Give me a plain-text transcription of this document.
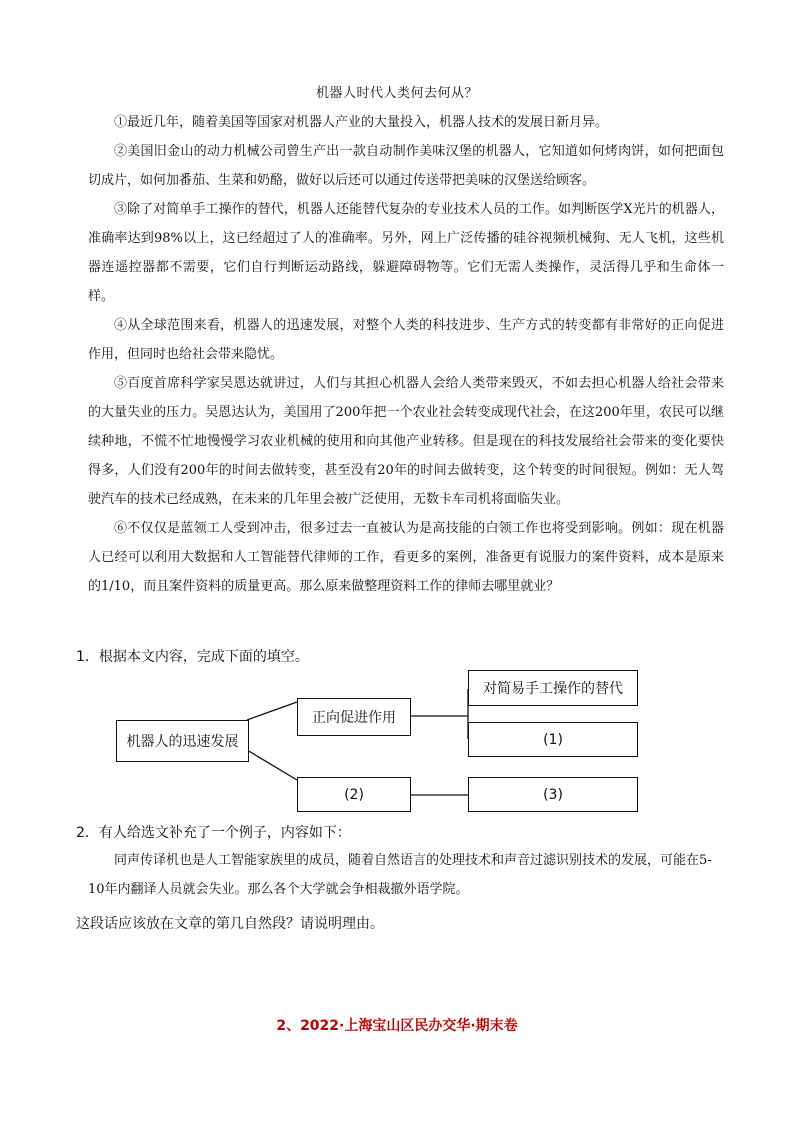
机器人时代人类何去何从？

①最近几年，随着美国等国家对机器人产业的大量投入，机器人技术的发展日新月异。

②美国旧金山的动力机械公司曾生产出一款自动制作美味汉堡的机器人，它知道如何烤肉饼，如何把面包切成片，如何加番茄、生菜和奶酪，做好以后还可以通过传送带把美味的汉堡送给顾客。

③除了对简单手工操作的替代，机器人还能替代复杂的专业技术人员的工作。如判断医学X光片的机器人，准确率达到98%以上，这已经超过了人的准确率。另外，网上广泛传播的硅谷视频机械狗、无人飞机，这些机器连遥控器都不需要，它们自行判断运动路线，躲避障碍物等。它们无需人类操作，灵活得几乎和生命体一样。

④从全球范围来看，机器人的迅速发展，对整个人类的科技进步、生产方式的转变都有非常好的正向促进作用，但同时也给社会带来隐忧。

⑤百度首席科学家吴恩达就讲过，人们与其担心机器人会给人类带来毁灭，不如去担心机器人给社会带来的大量失业的压力。吴恩达认为，美国用了200年把一个农业社会转变成现代社会，在这200年里，农民可以继续种地，不慌不忙地慢慢学习农业机械的使用和向其他产业转移。但是现在的科技发展给社会带来的变化要快得多，人们没有200年的时间去做转变，甚至没有20年的时间去做转变，这个转变的时间很短。例如：无人驾驶汽车的技术已经成熟，在未来的几年里会被广泛使用，无数卡车司机将面临失业。

⑥不仅仅是蓝领工人受到冲击，很多过去一直被认为是高技能的白领工作也将受到影响。例如：现在机器人已经可以利用大数据和人工智能替代律师的工作，看更多的案例，准备更有说服力的案件资料，成本是原来的1/10，而且案件资料的质量更高。那么原来做整理资料工作的律师去哪里就业？

1．根据本文内容，完成下面的填空。
机器人的迅速发展
正向促进作用
(2)
对简易手工操作的替代
(1)
(3)
2．有人给选文补充了一个例子，内容如下：

同声传译机也是人工智能家族里的成员，随着自然语言的处理技术和声音过滤识别技术的发展，可能在5-10年内翻译人员就会失业。那么各个大学就会争相裁撤外语学院。

这段话应该放在文章的第几自然段？请说明理由。
2、2022·上海宝山区民办交华·期末卷
